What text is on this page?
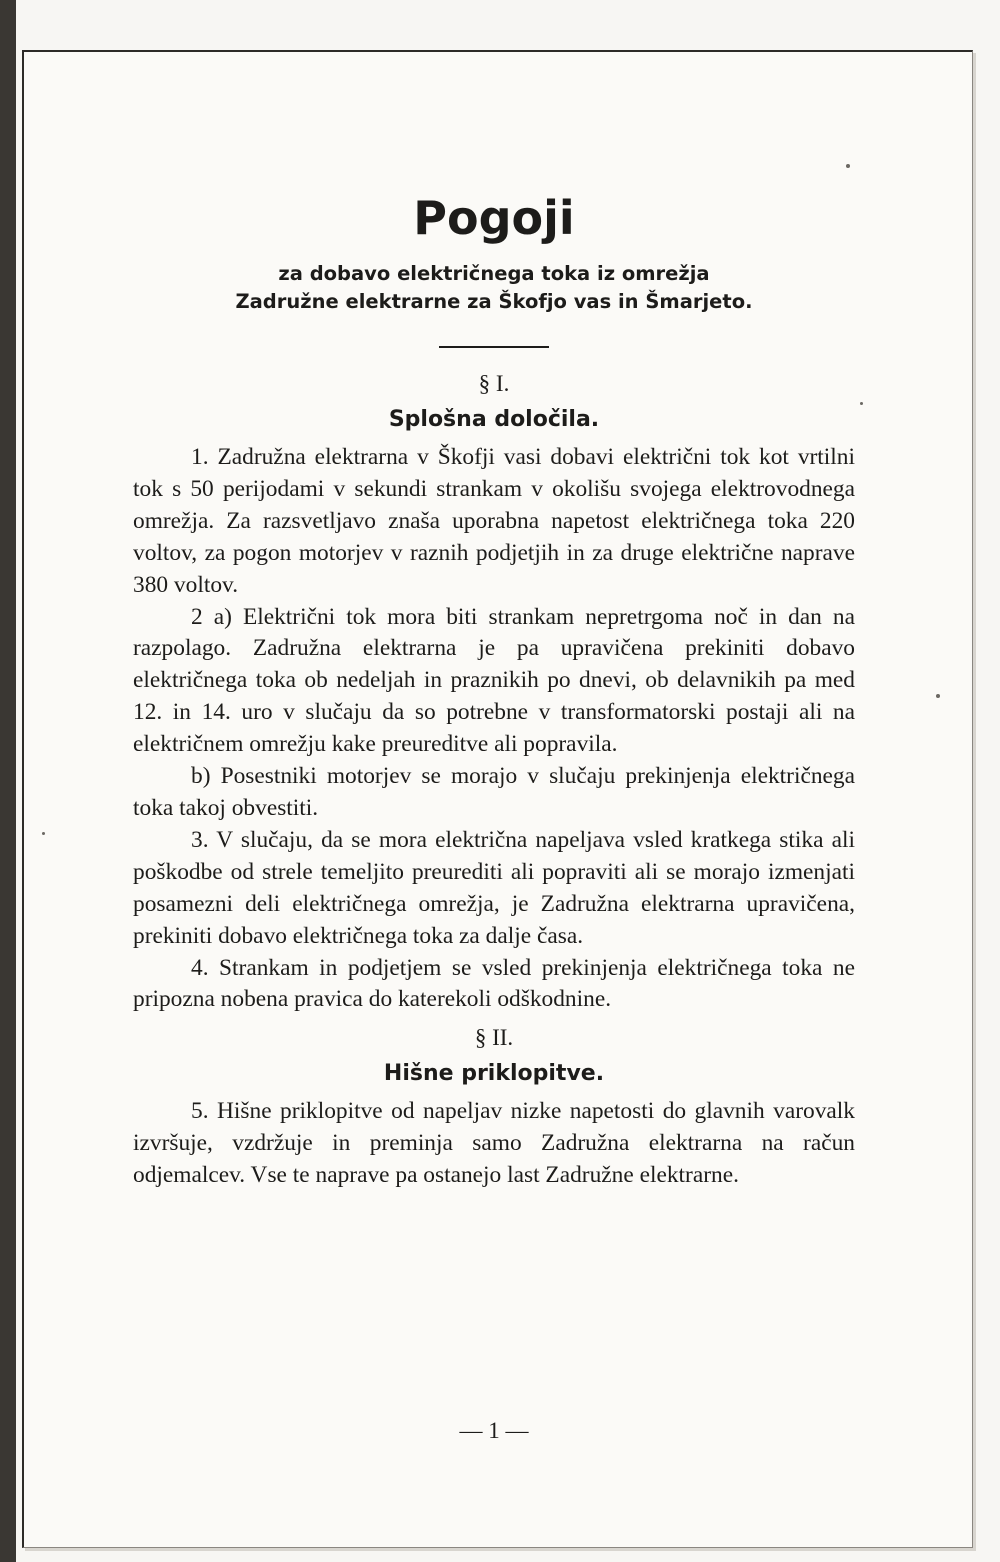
Pogoji

za dobavo električnega toka iz omrežja
Zadružne elektrarne za Škofjo vas in Šmarjeto.

§ I.
Splošna določila.

1. Zadružna elektrarna v Škofji vasi dobavi električni tok kot vrtilni tok s 50 perijodami v sekundi strankam v okolišu svojega elektrovodnega omrežja. Za razsvetljavo znaša uporabna napetost električnega toka 220 voltov, za pogon motorjev v raznih podjetjih in za druge električne naprave 380 voltov.

2 a) Električni tok mora biti strankam nepretrgoma noč in dan na razpolago. Zadružna elektrarna je pa upravičena prekiniti dobavo električnega toka ob nedeljah in praznikih po dnevi, ob delavnikih pa med 12. in 14. uro v slučaju da so potrebne v transformatorski postaji ali na električnem omrežju kake preureditve ali popravila.

b) Posestniki motorjev se morajo v slučaju prekinjenja električnega toka takoj obvestiti.

3. V slučaju, da se mora električna napeljava vsled kratkega stika ali poškodbe od strele temeljito preurediti ali popraviti ali se morajo izmenjati posamezni deli električnega omrežja, je Zadružna elektrarna upravičena, prekiniti dobavo električnega toka za dalje časa.

4. Strankam in podjetjem se vsled prekinjenja električnega toka ne pripozna nobena pravica do katerekoli odškodnine.

§ II.
Hišne priklopitve.

5. Hišne priklopitve od napeljav nizke napetosti do glavnih varovalk izvršuje, vzdržuje in preminja samo Zadružna elektrarna na račun odjemalcev. Vse te naprave pa ostanejo last Zadružne elektrarne.

— 1 —
